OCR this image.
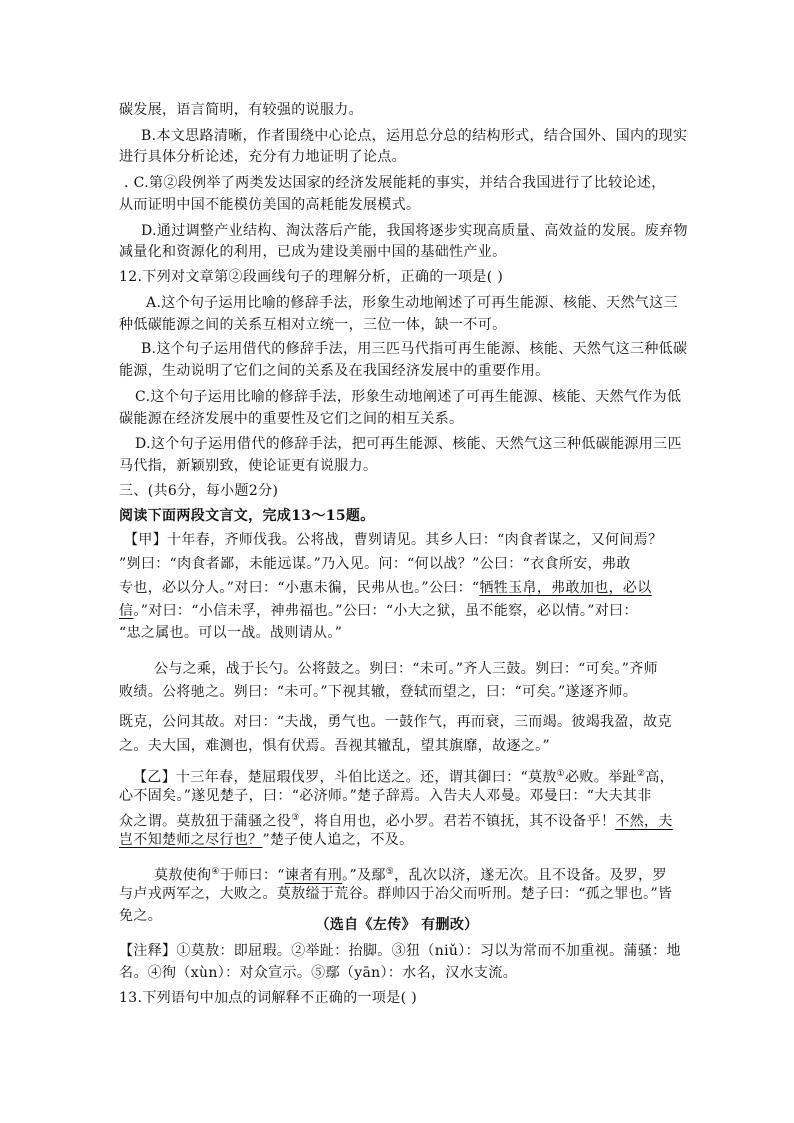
碳发展，语言简明，有较强的说服力。
B.本文思路清晰，作者围绕中心论点，运用总分总的结构形式，结合国外、国内的现实
进行具体分析论述，充分有力地证明了论点。
. C.第②段例举了两类发达国家的经济发展能耗的事实，并结合我国进行了比较论述，
从而证明中国不能模仿美国的高耗能发展模式。
D.通过调整产业结构、淘汰落后产能，我国将逐步实现高质量、高效益的发展。废弃物
减量化和资源化的利用，已成为建设美丽中国的基础性产业。
12.下列对文章第②段画线句子的理解分析，正确的一项是( )
A.这个句子运用比喻的修辞手法，形象生动地阐述了可再生能源、核能、天然气这三
种低碳能源之间的关系互相对立统一，三位一体，缺一不可。
B.这个句子运用借代的修辞手法，用三匹马代指可再生能源、核能、天然气这三种低碳
能源，生动说明了它们之间的关系及在我国经济发展中的重要作用。
C.这个句子运用比喻的修辞手法，形象生动地阐述了可再生能源、核能、天然气作为低
碳能源在经济发展中的重要性及它们之间的相互关系。
D.这个句子运用借代的修辞手法，把可再生能源、核能、天然气这三种低碳能源用三匹
马代指，新颖别致，使论证更有说服力。
三、(共6分，每小题2分)
阅读下面两段文言文，完成13～15题。
【甲】十年春，齐师伐我。公将战，曹刿请见。其乡人曰：“肉食者谋之，又何间焉？
”刿曰：“肉食者鄙，未能远谋。”乃入见。问：“何以战？”公曰：“衣食所安，弗敢
专也，必以分人。”对曰：“小惠未徧，民弗从也。”公曰：“牺牲玉帛，弗敢加也，必以
信。”对曰：“小信未孚，神弗福也。”公曰：“小大之狱，虽不能察，必以情。”对曰：
“忠之属也。可以一战。战则请从。”
公与之乘，战于长勺。公将鼓之。刿曰：“未可。”齐人三鼓。刿曰：“可矣。”齐师
败绩。公将驰之。刿曰：“未可。”下视其辙，登轼而望之，曰：“可矣。”遂逐齐师。
既克，公问其故。对曰：“夫战，勇气也。一鼓作气，再而衰，三而竭。彼竭我盈，故克
之。夫大国，难测也，惧有伏焉。吾视其辙乱，望其旗靡，故逐之。”
【乙】十三年春，楚屈瑕伐罗，斗伯比送之。还，谓其御曰：“莫敖①必败。举趾②高，
心不固矣。”遂见楚子，曰：“必济师。”楚子辞焉。入告夫人邓曼。邓曼曰：“大夫其非
众之谓。莫敖狃于蒲骚之役③，将自用也，必小罗。君若不镇抚，其不设备乎！不然，夫
岂不知楚师之尽行也？”楚子使人追之，不及。
莫敖使徇④于师曰：“谏者有刑。”及鄢⑤，乱次以济，遂无次。且不设备。及罗，罗
与卢戎两军之，大败之。莫敖缢于荒谷。群帅囚于冶父而听刑。楚子曰：“孤之罪也。”皆
免之。
（选自《左传》 有删改）
【注释】①莫敖：即屈瑕。②举趾：抬脚。③狃（niǔ）：习以为常而不加重视。蒲骚：地
名。④徇（xùn）：对众宣示。⑤鄢（yān）：水名，汉水支流。
13.下列语句中加点的词解释不正确的一项是( )
